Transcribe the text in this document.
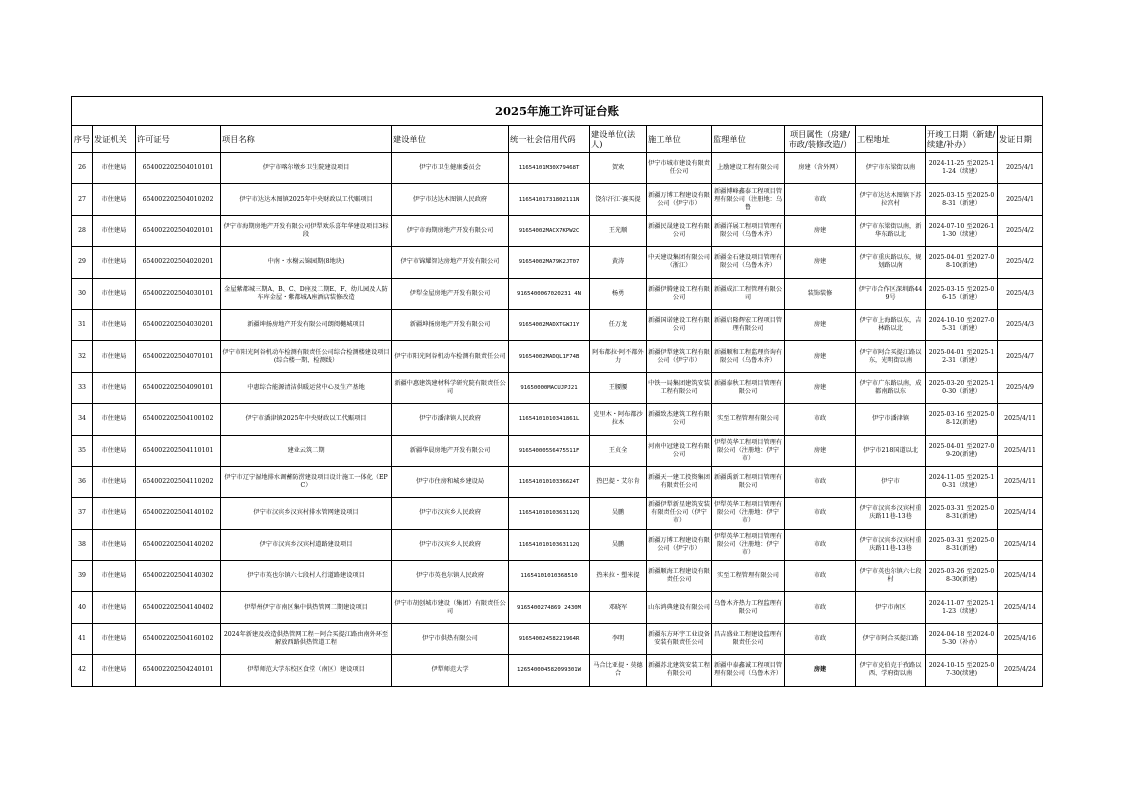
2025年施工许可证台账												
序号	发证机关	许可证号	项目名称	建设单位	统一社会信用代码	建设单位(法人)	施工单位	监理单位	项目属性（房建/市政/装修改造/）	工程地址	开竣工日期（新建/续建/补办）	发证日期
26	市住建局	654002202504010101	伊宁市喀尔墩乡卫生院建设项目	伊宁市卫生健康委员会	11654101M30X79468T	贺欢	伊宁市城市建设有限责任公司	上励建设工程有限公司	房建（含外网）	伊宁市东梁街以南	2024-11-25 至2025-11-24（续建）	2025/4/1
27	市住建局	654002202504010202	伊宁市达达木图镇2025年中央财政以工代赈项目	伊宁市达达木图镇人民政府	11654101731802111N	饶尔汗江·赛买提	新疆万博工程建设有限公司（伊宁市）	新疆博峰鑫泰工程项目管理有限公司（注册地：乌鲁	市政	伊宁市达达木图镇下苏拉宫村	2025-03-15 至2025-08-31（新建）	2025/4/1
28	市住建局	654002202504020101	伊宁市海期房地产开发有限公司伊犁欢乐喜年华建设项目3标段	伊宁市海期房地产开发有限公司	91654002MACX7KPW2C	王光顺	新疆民晟建设工程有限公司	新疆洋展工程项目管理有限公司（乌鲁木齐）	房建	伊宁市东梁街以南，新华东路以北	2024-07-10 至2026-11-30（续建）	2025/4/2
29	市住建局	654002202504020201	中南・水榭云锦园期(8地块)	伊宁市锦耀智达房地产开发有限公司	91654002MA79K2JT07	黄涛	中天建设集团有限公司（浙江）	新疆金石建设项目管理有限公司（乌鲁木齐）	房建	伊宁市重庆路以东，规划路以南	2025-04-01 至2027-08-10(新建)	2025/4/2
30	市住建局	654002202504030101	金屋紫都城三期A、B、C、D座及二期E、F、幼儿园及人防车库金屋・紫都城A座酒店装修改造	伊犁金屋房地产开发有限公司	9165400067020231 4N	杨勇	新疆伊腾建设工程有限公司	新疆成汇工程管理有限公司	装饰装修	伊宁市合作区深圳路449号	2025-03-15 至2025-06-15（新建）	2025/4/3
31	市住建局	654002202504030201	新疆坤扬房地产开发有限公司朗阅樾城项目	新疆坤扬房地产开发有限公司	91654002MADXTGWJ1Y	任万龙	新疆国诺建设工程有限公司	新疆启隆辉宏工程项目管理有限公司	房建	伊宁市上海路以东，吉林路以北	2024-10-10 至2027-05-31（新建）	2025/4/3
32	市住建局	654002202504070101	伊宁市阳光阿谷机动车检测有限责任公司综合检测楼建设项目(综合楼一期、检测线）	伊宁市阳光阿谷机动车检测有限责任公司	91654002MADQL1F74B	阿布都拉·阿不都外力	新疆伊犁建筑工程有限公司（伊宁市）	新疆顺和工程监理咨询有限公司（乌鲁木齐）	房建	伊宁市阿合买提江路以东，光明街以南	2025-04-01 至2025-12-31（新建）	2025/4/7
33	市住建局	654002202504090101	中惠综合能源清洁供暖运营中心及生产基地	新疆中惠建筑建材科学研究院有限责任公司	91650000MACUJPJ21	王腰腰	中铁一局集团建筑安装工程有限公司	新疆泰秋工程项目管理有限公司	房建	伊宁市广东路以南，成都南路以东	2025-03-20 至2025-10-30（新建）	2025/4/9
34	市住建局	654002202504100102	伊宁市潘津镇2025年中央财政以工代赈项目	伊宁市潘津镇人民政府	11654101010341861L	克里木・阿布都沙拉木	新疆致杰建筑工程有限公司	实至工程管理有限公司	市政	伊宁市潘津镇	2025-03-16 至2025-08-12(新建)	2025/4/11
35	市住建局	654002202504110101	建业云筑二期	新疆华晨房地产开发有限公司	91654000556475511F	王贞全	河南中冠建设工程有限公司	伊犁英华工程项目管理有限公司（注册地：伊宁市）	房建	伊宁市218国道以北	2025-04-01 至2027-09-20(新建)	2025/4/11
36	市住建局	654002202504110202	伊宁市辽宁湿地排水调蓄防涝建设项目设计施工一体化（EPC）	伊宁市住房和城乡建设局	11654101010336624T	热巴提・艾尔肯	新疆天一建工投资集团有限责任公司	新疆禹新工程项目管理有限公司	市政	伊宁市	2024-11-05 至2025-10-31（续建）	2025/4/11
37	市住建局	654002202504140102	伊宁市汉宾乡汉宾村排水管网建设项目	伊宁市汉宾乡人民政府	11654101010363112Q	吴鹏	新疆伊犁新星建筑安装有限责任公司（伊宁市）	伊犁英华工程项目管理有限公司（注册地：伊宁市）	市政	伊宁市汉宾乡汉宾村重庆路11巷-13巷	2025-03-31 至2025-08-31(新建)	2025/4/14
38	市住建局	654002202504140202	伊宁市汉宾乡汉宾村道路建设项目	伊宁市汉宾乡人民政府	11654101010363112Q	吴鹏	新疆万博工程建设有限公司（伊宁市）	伊犁英华工程项目管理有限公司（注册地：伊宁市）	市政	伊宁市汉宾乡汉宾村重庆路11巷-13巷	2025-03-31 至2025-08-31(新建)	2025/4/14
39	市住建局	654002202504140302	伊宁市英也尔镇六七段村人行道路建设项目	伊宁市英也尔镇人民政府	11654101010368510	热米拉・塑米提	新疆顺海工程建设有限责任公司	实至工程管理有限公司	市政	伊宁市英也尔镇六七段村	2025-03-26 至2025-08-30(新建)	2025/4/14
40	市住建局	654002202504140402	伊犁州伊宁市南区集中供热管网二期建设项目	伊宁市胡创城市建设（集团）有限责任公司	9165400274869 2430M	邓晓军	山东鸿典建设有限公司	乌鲁木齐热力工程监理有限公司	市政	伊宁市南区	2024-11-07 至2025-11-23（续建）	2025/4/14
41	市住建局	654002202504160102	2024年新建及改造供热管网工程－阿合买提江路由南外环至解放西路供热管道工程	伊宁市供热有限公司	91654002458221964R	李明	新疆东方环宇工业设备安装有限责任公司	昌吉盛业工程建设监理有限责任公司	市政	伊宁市阿合买提江路	2024-04-18 至2024-05-30（补办）	2025/4/16
42	市住建局	654002202504240101	伊犁师范大学东校区食堂（南区）建设项目	伊犁师范大学	126540004582099301W	马合比亚提・莫德合	新疆苏北建筑安装工程有限公司	新疆中泰鑫诚工程项目管理有限公司（乌鲁木齐）	房建	伊宁市克伯克于孜路以西、学府街以南	2024-10-15 至2025-07-30(续建)	2025/4/24
